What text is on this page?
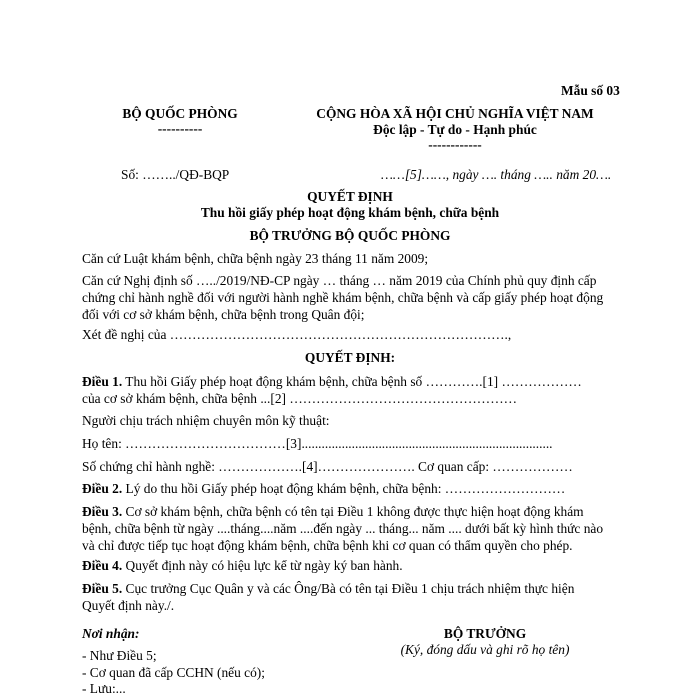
Mẫu số 03
BỘ QUỐC PHÒNG
----------
CỘNG HÒA XÃ HỘI CHỦ NGHĨA VIỆT NAM
Độc lập - Tự do - Hạnh phúc
------------
Số: ……../QĐ-BQP	……[5]……, ngày …. tháng ….. năm 20….
QUYẾT ĐỊNH
Thu hồi giấy phép hoạt động khám bệnh, chữa bệnh
BỘ TRƯỞNG BỘ QUỐC PHÒNG
Căn cứ Luật khám bệnh, chữa bệnh ngày 23 tháng 11 năm 2009;
Căn cứ Nghị định số …../2019/NĐ-CP ngày … tháng … năm 2019 của Chính phủ quy định cấp
chứng chỉ hành nghề đối với người hành nghề khám bệnh, chữa bệnh và cấp giấy phép hoạt động
đối với cơ sở khám bệnh, chữa bệnh trong Quân đội;
Xét đề nghị của ………………………………………………………………….,
QUYẾT ĐỊNH:
Điều 1. Thu hồi Giấy phép hoạt động khám bệnh, chữa bệnh số ………….[1] ………………
của cơ sở khám bệnh, chữa bệnh ...[2] ……………………………………………
Người chịu trách nhiệm chuyên môn kỹ thuật:
Họ tên: ………………………………[3]...........................................................................
Số chứng chỉ hành nghề: ……………….[4]…………………. Cơ quan cấp: ………………
Điều 2. Lý do thu hồi Giấy phép hoạt động khám bệnh, chữa bệnh: ………………………
Điều 3. Cơ sở khám bệnh, chữa bệnh có tên tại Điều 1 không được thực hiện hoạt động khám
bệnh, chữa bệnh từ ngày ....tháng....năm ....đến ngày ... tháng... năm .... dưới bất kỳ hình thức nào
và chỉ được tiếp tục hoạt động khám bệnh, chữa bệnh khi cơ quan có thẩm quyền cho phép.
Điều 4. Quyết định này có hiệu lực kể từ ngày ký ban hành.
Điều 5. Cục trưởng Cục Quân y và các Ông/Bà có tên tại Điều 1 chịu trách nhiệm thực hiện
Quyết định này./.
Nơi nhận:
- Như Điều 5;
- Cơ quan đã cấp CCHN (nếu có);
- Lưu:...
BỘ TRƯỞNG
(Ký, đóng dấu và ghi rõ họ tên)
